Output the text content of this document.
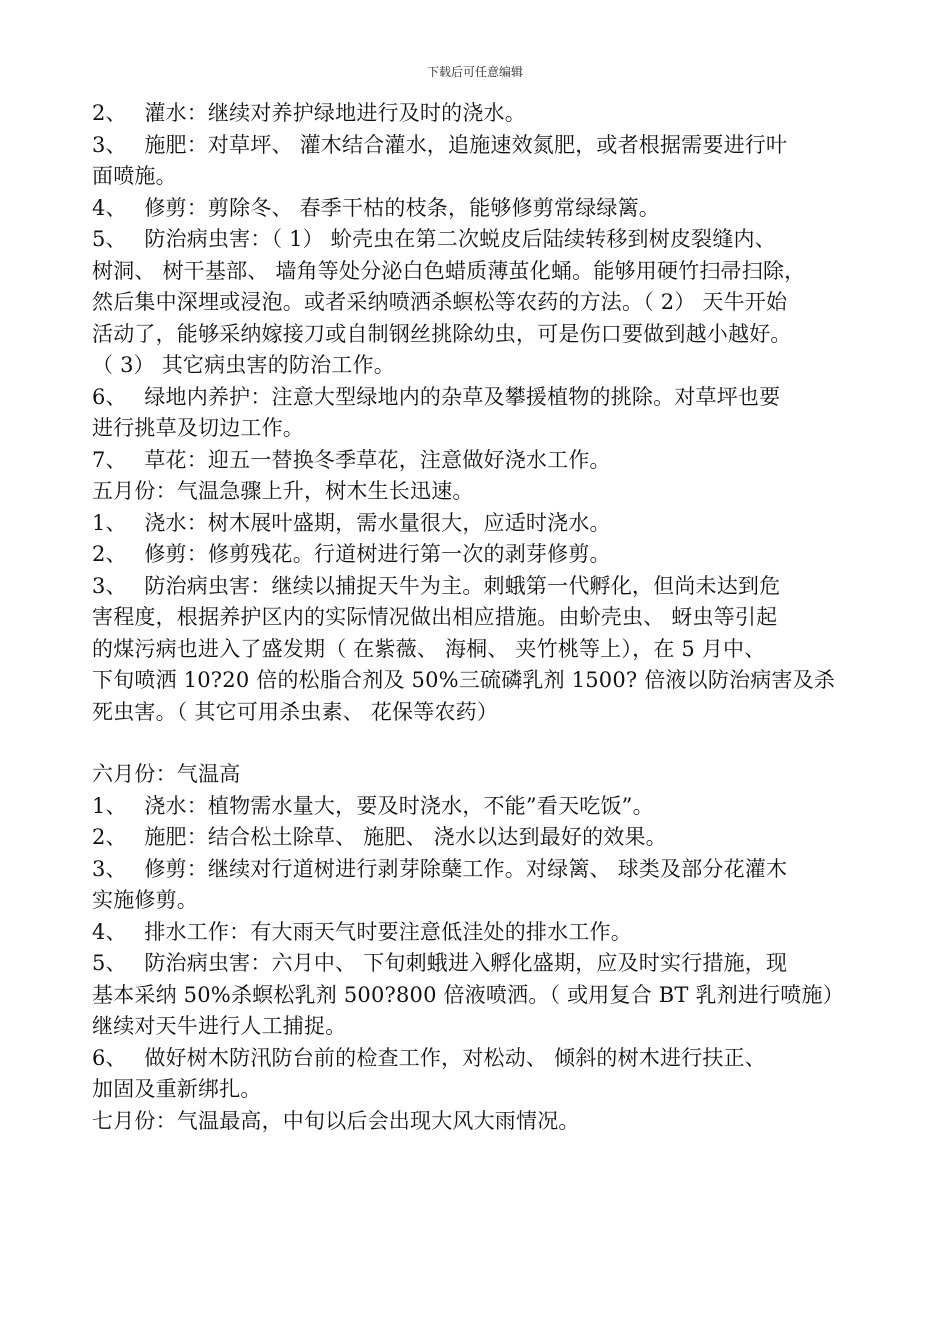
下载后可任意编辑
2、　 灌水：继续对养护绿地进行及时的浇水。
3、　 施肥：对草坪、 灌木结合灌水，追施速效氮肥，或者根据需要进行叶
面喷施。
4、　 修剪：剪除冬、 春季干枯的枝条，能够修剪常绿绿篱。
5、　 防治病虫害：（ 1） 蚧壳虫在第二次蜕皮后陆续转移到树皮裂缝内、
树洞、 树干基部、 墙角等处分泌白色蜡质薄茧化蛹。能够用硬竹扫帚扫除，
然后集中深埋或浸泡。或者采纳喷洒杀螟松等农药的方法。（ 2） 天牛开始
活动了，能够采纳嫁接刀或自制钢丝挑除幼虫，可是伤口要做到越小越好。
（ 3） 其它病虫害的防治工作。
6、　 绿地内养护：注意大型绿地内的杂草及攀援植物的挑除。对草坪也要
进行挑草及切边工作。
7、　 草花：迎五一替换冬季草花，注意做好浇水工作。
五月份：气温急骤上升，树木生长迅速。
1、　 浇水：树木展叶盛期，需水量很大，应适时浇水。
2、　 修剪：修剪残花。行道树进行第一次的剥芽修剪。
3、　 防治病虫害：继续以捕捉天牛为主。刺蛾第一代孵化，但尚未达到危
害程度，根据养护区内的实际情况做出相应措施。由蚧壳虫、 蚜虫等引起
的煤污病也进入了盛发期（ 在紫薇、 海桐、 夹竹桃等上），在 5 月中、
下旬喷洒 10?20 倍的松脂合剂及 50%三硫磷乳剂 1500? 倍液以防治病害及杀
死虫害。（ 其它可用杀虫素、 花保等农药）
六月份：气温高
1、　 浇水：植物需水量大，要及时浇水，不能”看天吃饭”。
2、　 施肥：结合松土除草、 施肥、 浇水以达到最好的效果。
3、　 修剪：继续对行道树进行剥芽除蘖工作。对绿篱、 球类及部分花灌木
实施修剪。
4、　 排水工作：有大雨天气时要注意低洼处的排水工作。
5、　 防治病虫害：六月中、 下旬刺蛾进入孵化盛期，应及时实行措施，现
基本采纳 50%杀螟松乳剂 500?800 倍液喷洒。（ 或用复合 BT 乳剂进行喷施）
继续对天牛进行人工捕捉。
6、　 做好树木防汛防台前的检查工作，对松动、 倾斜的树木进行扶正、
加固及重新绑扎。
七月份：气温最高，中旬以后会出现大风大雨情况。
